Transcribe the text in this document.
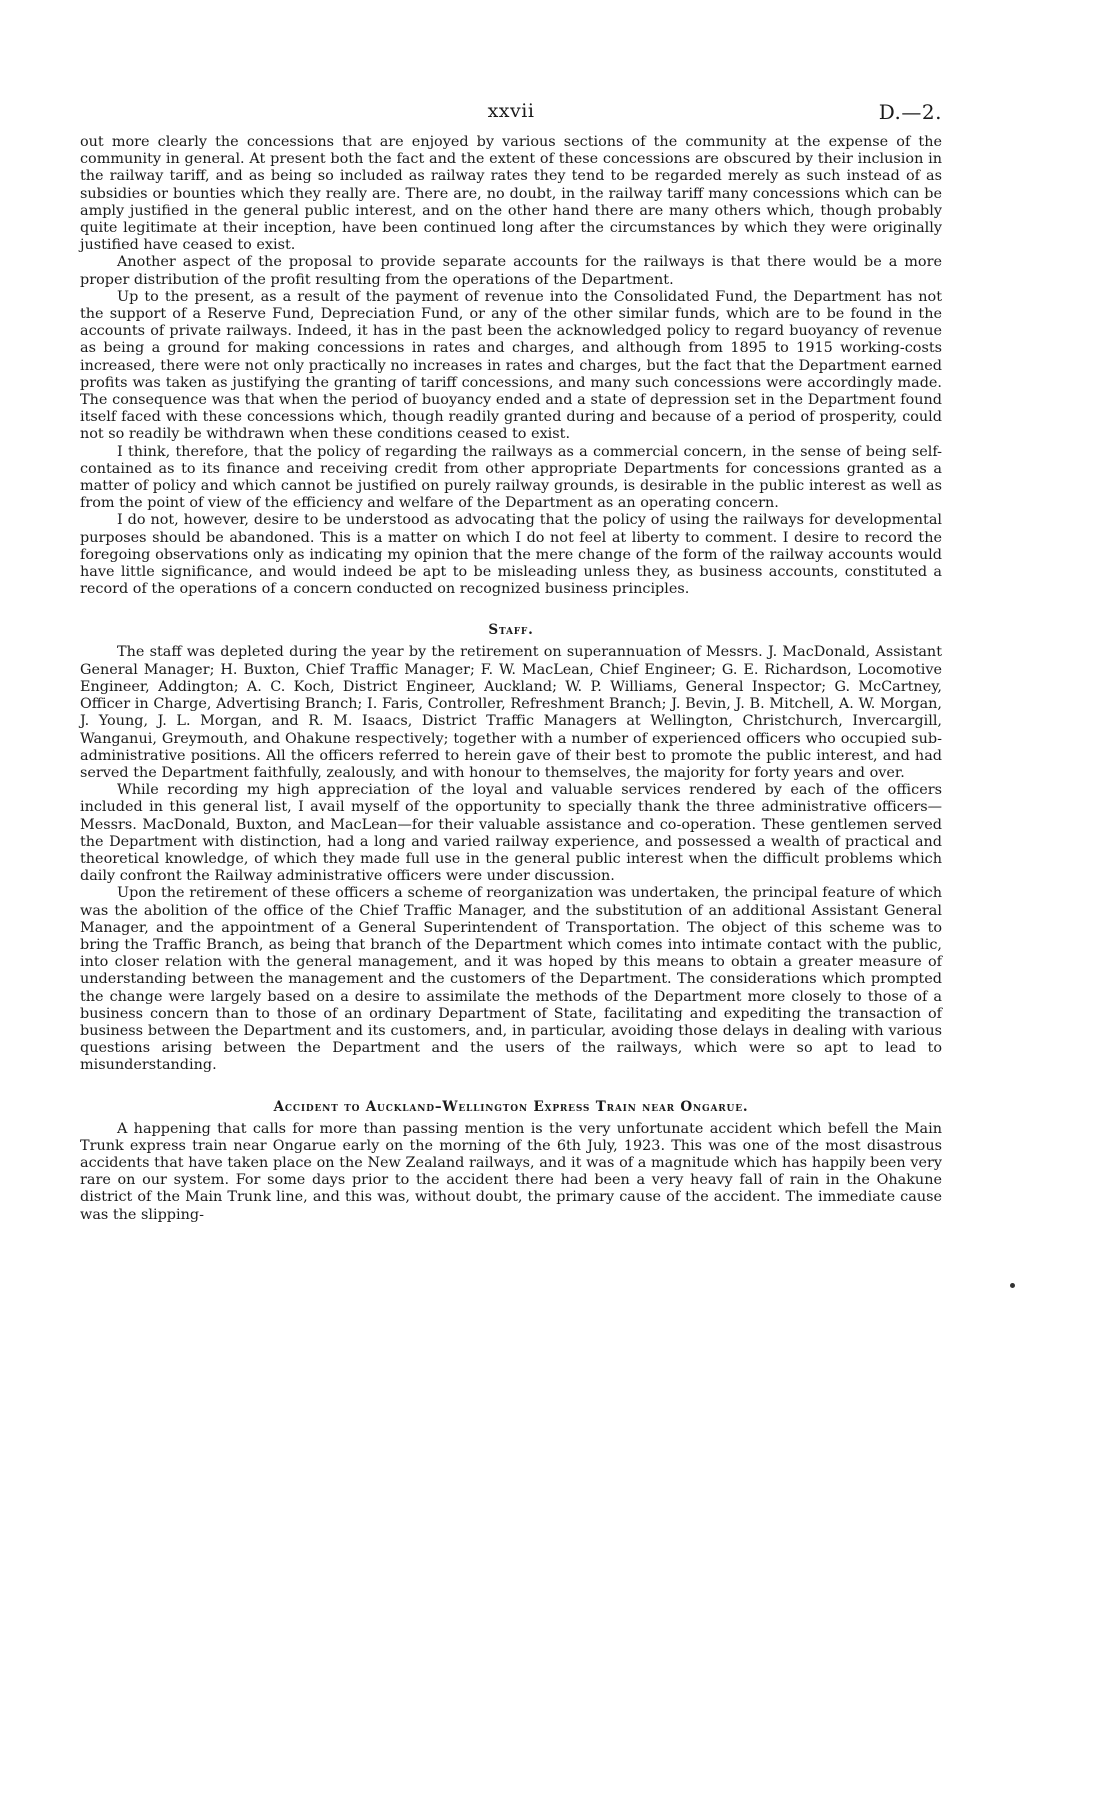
xxvii	D.—2.

out more clearly the concessions that are enjoyed by various sections of the community at the expense of the community in general. At present both the fact and the extent of these concessions are obscured by their inclusion in the railway tariff, and as being so included as railway rates they tend to be regarded merely as such instead of as subsidies or bounties which they really are. There are, no doubt, in the railway tariff many concessions which can be amply justified in the general public interest, and on the other hand there are many others which, though probably quite legitimate at their inception, have been continued long after the circumstances by which they were originally justified have ceased to exist.

Another aspect of the proposal to provide separate accounts for the railways is that there would be a more proper distribution of the profit resulting from the operations of the Department.

Up to the present, as a result of the payment of revenue into the Consolidated Fund, the Department has not the support of a Reserve Fund, Depreciation Fund, or any of the other similar funds, which are to be found in the accounts of private railways. Indeed, it has in the past been the acknowledged policy to regard buoyancy of revenue as being a ground for making concessions in rates and charges, and although from 1895 to 1915 working-costs increased, there were not only practically no increases in rates and charges, but the fact that the Department earned profits was taken as justifying the granting of tariff concessions, and many such concessions were accordingly made. The consequence was that when the period of buoyancy ended and a state of depression set in the Department found itself faced with these concessions which, though readily granted during and because of a period of prosperity, could not so readily be withdrawn when these conditions ceased to exist.

I think, therefore, that the policy of regarding the railways as a commercial concern, in the sense of being self-contained as to its finance and receiving credit from other appropriate Departments for concessions granted as a matter of policy and which cannot be justified on purely railway grounds, is desirable in the public interest as well as from the point of view of the efficiency and welfare of the Department as an operating concern.

I do not, however, desire to be understood as advocating that the policy of using the railways for developmental purposes should be abandoned. This is a matter on which I do not feel at liberty to comment. I desire to record the foregoing observations only as indicating my opinion that the mere change of the form of the railway accounts would have little significance, and would indeed be apt to be misleading unless they, as business accounts, constituted a record of the operations of a concern conducted on recognized business principles.

Staff.

The staff was depleted during the year by the retirement on superannuation of Messrs. J. MacDonald, Assistant General Manager; H. Buxton, Chief Traffic Manager; F. W. MacLean, Chief Engineer; G. E. Richardson, Locomotive Engineer, Addington; A. C. Koch, District Engineer, Auckland; W. P. Williams, General Inspector; G. McCartney, Officer in Charge, Advertising Branch; I. Faris, Controller, Refreshment Branch; J. Bevin, J. B. Mitchell, A. W. Morgan, J. Young, J. L. Morgan, and R. M. Isaacs, District Traffic Managers at Wellington, Christchurch, Invercargill, Wanganui, Greymouth, and Ohakune respectively; together with a number of experienced officers who occupied sub-administrative positions. All the officers referred to herein gave of their best to promote the public interest, and had served the Department faithfully, zealously, and with honour to themselves, the majority for forty years and over.

While recording my high appreciation of the loyal and valuable services rendered by each of the officers included in this general list, I avail myself of the opportunity to specially thank the three administrative officers—Messrs. MacDonald, Buxton, and MacLean—for their valuable assistance and co-operation. These gentlemen served the Department with distinction, had a long and varied railway experience, and possessed a wealth of practical and theoretical knowledge, of which they made full use in the general public interest when the difficult problems which daily confront the Railway administrative officers were under discussion.

Upon the retirement of these officers a scheme of reorganization was undertaken, the principal feature of which was the abolition of the office of the Chief Traffic Manager, and the substitution of an additional Assistant General Manager, and the appointment of a General Superintendent of Transportation. The object of this scheme was to bring the Traffic Branch, as being that branch of the Department which comes into intimate contact with the public, into closer relation with the general management, and it was hoped by this means to obtain a greater measure of understanding between the management and the customers of the Department. The considerations which prompted the change were largely based on a desire to assimilate the methods of the Department more closely to those of a business concern than to those of an ordinary Department of State, facilitating and expediting the transaction of business between the Department and its customers, and, in particular, avoiding those delays in dealing with various questions arising between the Department and the users of the railways, which were so apt to lead to misunderstanding.

Accident to Auckland–Wellington Express Train near Ongarue.

A happening that calls for more than passing mention is the very unfortunate accident which befell the Main Trunk express train near Ongarue early on the morning of the 6th July, 1923. This was one of the most disastrous accidents that have taken place on the New Zealand railways, and it was of a magnitude which has happily been very rare on our system. For some days prior to the accident there had been a very heavy fall of rain in the Ohakune district of the Main Trunk line, and this was, without doubt, the primary cause of the accident. The immediate cause was the slipping-
